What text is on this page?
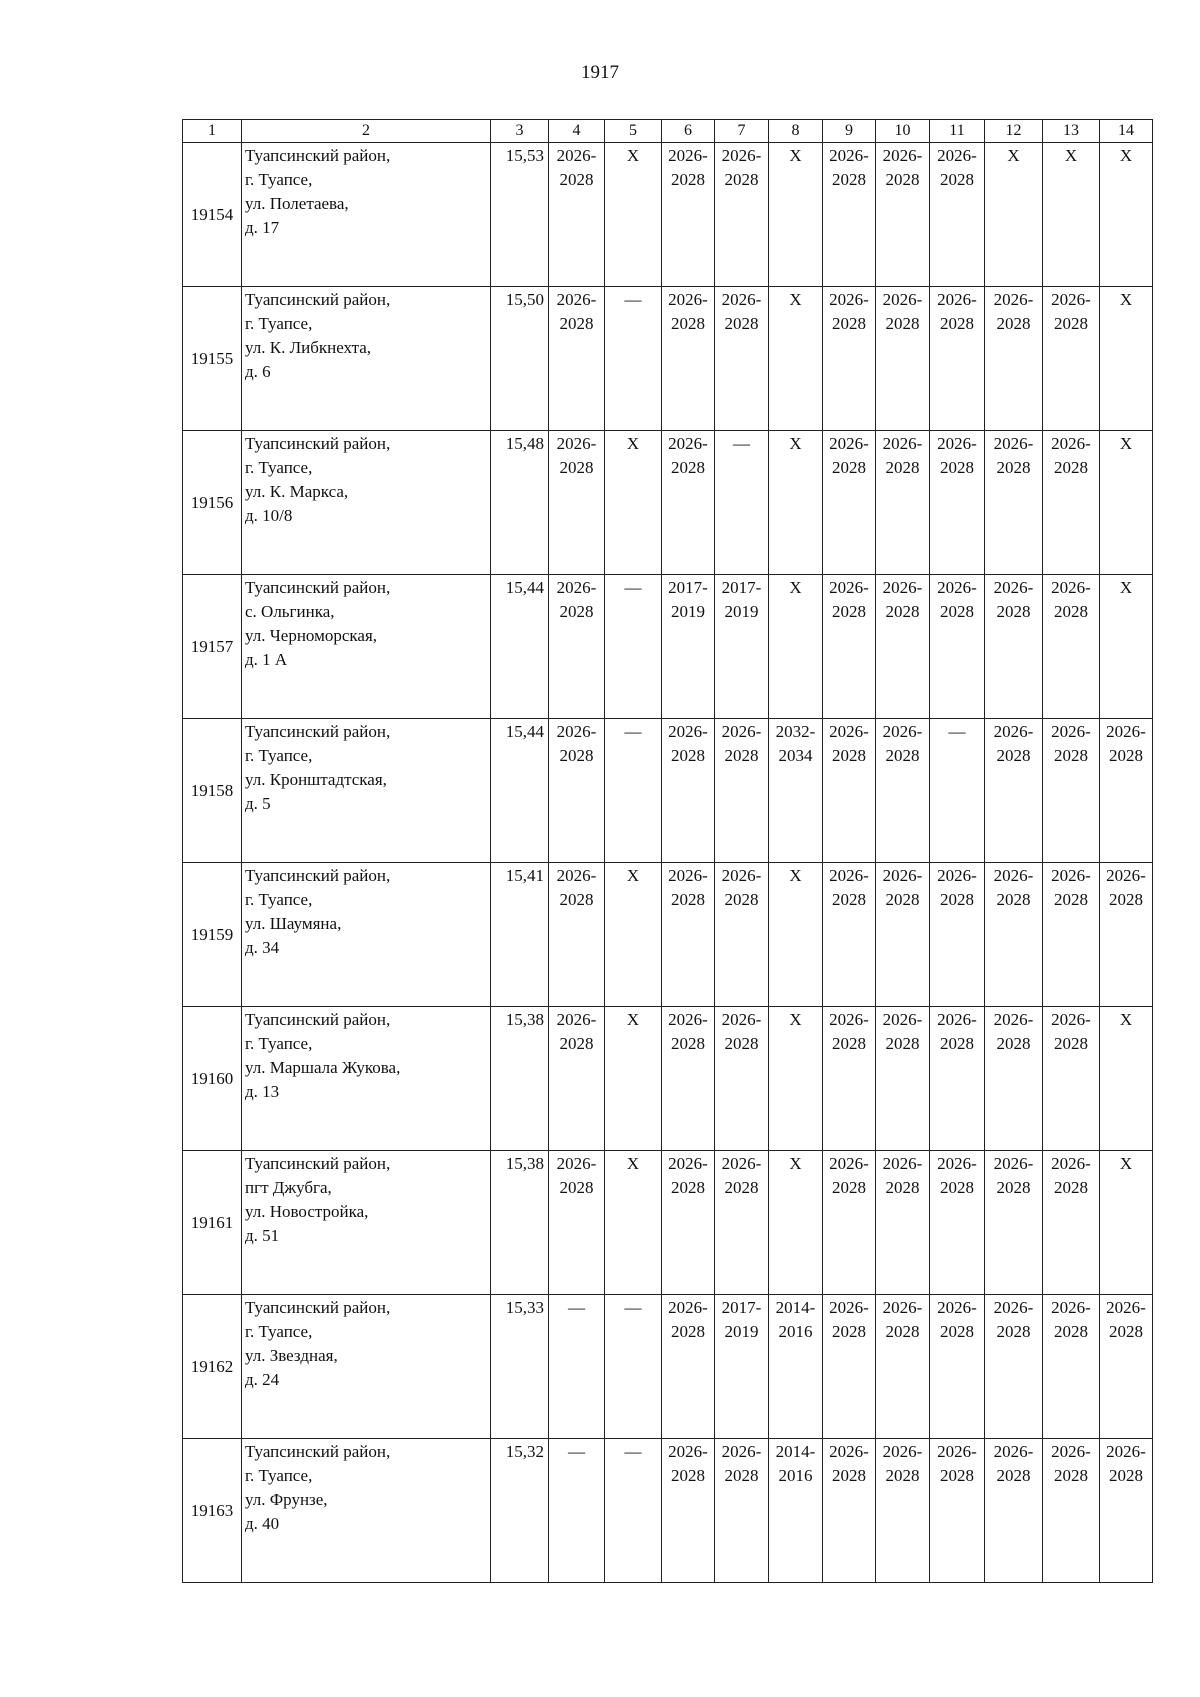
1917
1	2	3	4	5	6	7	8	9	10	11	12	13	14
19154	Туапсинский район,
г. Туапсе,
ул. Полетаева,
д. 17	15,53	2026-
2028	Х	2026-
2028	2026-
2028	Х	2026-
2028	2026-
2028	2026-
2028	Х	Х	Х
19155	Туапсинский район,
г. Туапсе,
ул. К. Либкнехта,
д. 6	15,50	2026-
2028	—	2026-
2028	2026-
2028	Х	2026-
2028	2026-
2028	2026-
2028	2026-
2028	2026-
2028	Х
19156	Туапсинский район,
г. Туапсе,
ул. К. Маркса,
д. 10/8	15,48	2026-
2028	Х	2026-
2028	—	Х	2026-
2028	2026-
2028	2026-
2028	2026-
2028	2026-
2028	Х
19157	Туапсинский район,
с. Ольгинка,
ул. Черноморская,
д. 1 А	15,44	2026-
2028	—	2017-
2019	2017-
2019	Х	2026-
2028	2026-
2028	2026-
2028	2026-
2028	2026-
2028	Х
19158	Туапсинский район,
г. Туапсе,
ул. Кронштадтская,
д. 5	15,44	2026-
2028	—	2026-
2028	2026-
2028	2032-
2034	2026-
2028	2026-
2028	—	2026-
2028	2026-
2028	2026-
2028
19159	Туапсинский район,
г. Туапсе,
ул. Шаумяна,
д. 34	15,41	2026-
2028	Х	2026-
2028	2026-
2028	Х	2026-
2028	2026-
2028	2026-
2028	2026-
2028	2026-
2028	2026-
2028
19160	Туапсинский район,
г. Туапсе,
ул. Маршала Жукова,
д. 13	15,38	2026-
2028	Х	2026-
2028	2026-
2028	Х	2026-
2028	2026-
2028	2026-
2028	2026-
2028	2026-
2028	Х
19161	Туапсинский район,
пгт Джубга,
ул. Новостройка,
д. 51	15,38	2026-
2028	Х	2026-
2028	2026-
2028	Х	2026-
2028	2026-
2028	2026-
2028	2026-
2028	2026-
2028	Х
19162	Туапсинский район,
г. Туапсе,
ул. Звездная,
д. 24	15,33	—	—	2026-
2028	2017-
2019	2014-
2016	2026-
2028	2026-
2028	2026-
2028	2026-
2028	2026-
2028	2026-
2028
19163	Туапсинский район,
г. Туапсе,
ул. Фрунзе,
д. 40	15,32	—	—	2026-
2028	2026-
2028	2014-
2016	2026-
2028	2026-
2028	2026-
2028	2026-
2028	2026-
2028	2026-
2028
